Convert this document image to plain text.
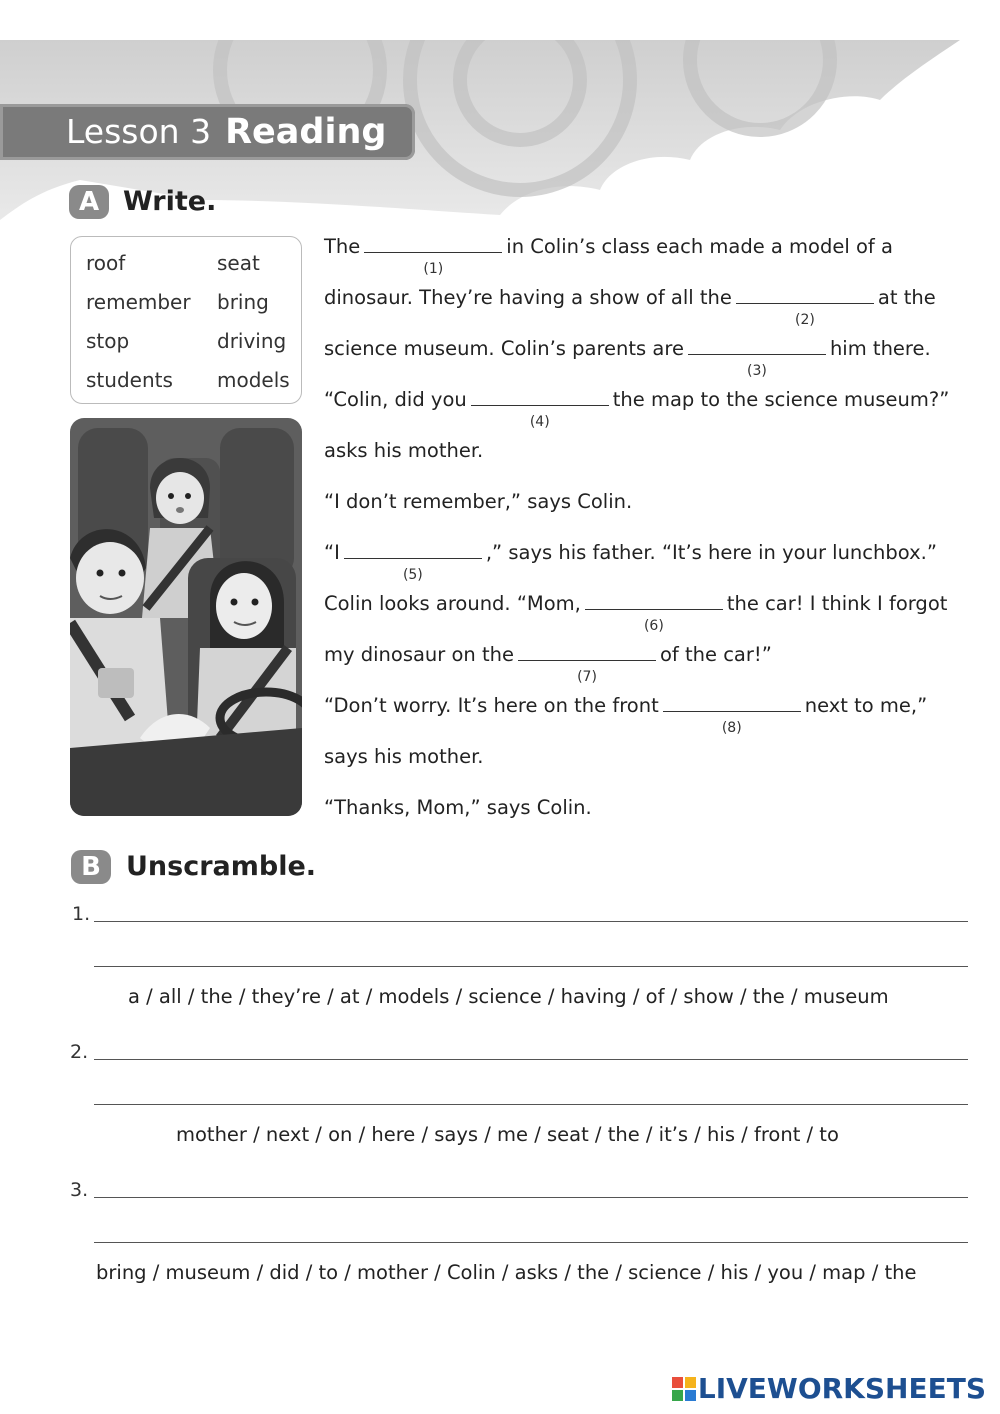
Lesson 3 Reading
A Write.
roof
remember
stop
students
seat
bring
driving
models
The
(1)
in Colin’s class each made a model of a
dinosaur. They’re having a show of all the
(2)
at the
science museum. Colin’s parents are
(3)
him there.
“Colin, did you
(4)
the map to the science museum?”
asks his mother.
“I don’t remember,” says Colin.
“I
(5)
,” says his father. “It’s here in your lunchbox.”
Colin looks around. “Mom,
(6)
the car! I think I forgot
my dinosaur on the
(7)
of the car!”
“Don’t worry. It’s here on the front
(8)
next to me,”
says his mother.
“Thanks, Mom,” says Colin.
B Unscramble.
1.
a / all / the / they’re / at / models / science / having / of / show / the / museum
2.
mother / next / on / here / says / me / seat / the / it’s / his / front / to
3.
bring / museum / did / to / mother / Colin / asks / the / science / his / you / map / the
LIVEWORKSHEETS
